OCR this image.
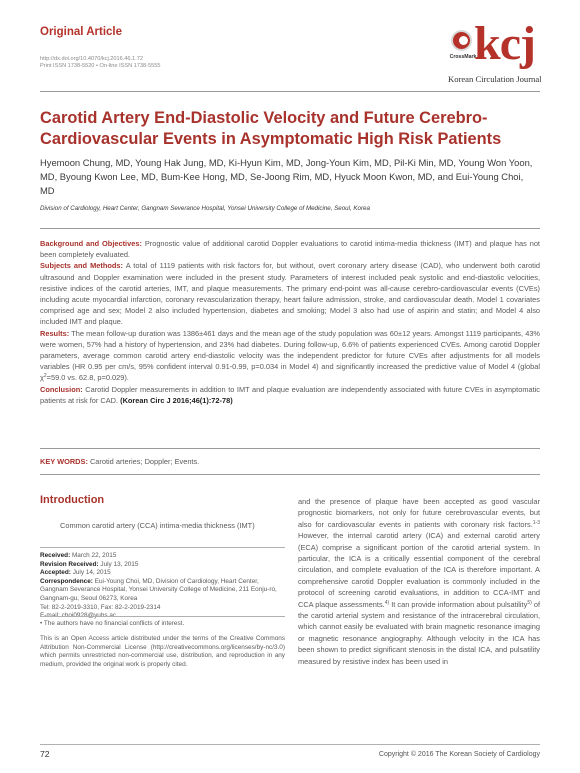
Original Article
http://dx.doi.org/10.4070/kcj.2016.46.1.72
Print ISSN 1738-5520 • On-line ISSN 1738-5555
CrossMark
kcj
Korean Circulation Journal
Carotid Artery End-Diastolic Velocity and Future Cerebro-Cardiovascular Events in Asymptomatic High Risk Patients
Hyemoon Chung, MD, Young Hak Jung, MD, Ki-Hyun Kim, MD, Jong-Youn Kim, MD, Pil-Ki Min, MD, Young Won Yoon, MD, Byoung Kwon Lee, MD, Bum-Kee Hong, MD, Se-Joong Rim, MD, Hyuck Moon Kwon, MD, and Eui-Young Choi, MD
Division of Cardiology, Heart Center, Gangnam Severance Hospital, Yonsei University College of Medicine, Seoul, Korea

Background and Objectives: Prognostic value of additional carotid Doppler evaluations to carotid intima-media thickness (IMT) and plaque has not been completely evaluated.

Subjects and Methods: A total of 1119 patients with risk factors for, but without, overt coronary artery disease (CAD), who underwent both carotid ultrasound and Doppler examination were included in the present study. Parameters of interest included peak systolic and end-diastolic velocities, resistive indices of the carotid arteries, IMT, and plaque measurements. The primary end-point was all-cause cerebro-cardiovascular events (CVEs) including acute myocardial infarction, coronary revascularization therapy, heart failure admission, stroke, and cardiovascular death. Model 1 covariates comprised age and sex; Model 2 also included hypertension, diabetes and smoking; Model 3 also had use of aspirin and statin; and Model 4 also included IMT and plaque.

Results: The mean follow-up duration was 1386±461 days and the mean age of the study population was 60±12 years. Amongst 1119 participants, 43% were women, 57% had a history of hypertension, and 23% had diabetes. During follow-up, 6.6% of patients experienced CVEs. Among carotid Doppler parameters, average common carotid artery end-diastolic velocity was the independent predictor for future CVEs after adjustments for all models variables (HR 0.95 per cm/s, 95% confident interval 0.91-0.99, p=0.034 in Model 4) and significantly increased the predictive value of Model 4 (global $\chi^2=59.0$ vs. 62.8, p=0.029).

Conclusion: Carotid Doppler measurements in addition to IMT and plaque evaluation are independently associated with future CVEs in asymptomatic patients at risk for CAD. (Korean Circ J 2016;46(1):72-78)

KEY WORDS: Carotid arteries; Doppler; Events.
Introduction

Common carotid artery (CCA) intima-media thickness (IMT)

Received: March 22, 2015
Revision Received: July 13, 2015
Accepted: July 14, 2015
Correspondence: Eui-Young Choi, MD, Division of Cardiology, Heart Center, Gangnam Severance Hospital, Yonsei University College of Medicine, 211 Eonju-ro, Gangnam-gu, Seoul 06273, Korea
Tel: 82-2-2019-3310, Fax: 82-2-2019-2314
• The authors have no financial conflicts of interest.
This is an Open Access article distributed under the terms of the Creative Commons Attribution Non-Commercial License (http://creativecommons.org/licenses/by-nc/3.0) which permits unrestricted non-commercial use, distribution, and reproduction in any medium, provided the original work is properly cited.

and the presence of plaque have been accepted as good vascular prognostic biomarkers, not only for future cerebrovascular events, but also for cardiovascular events in patients with coronary risk factors.$^{1-3}$ However, the internal carotid artery (ICA) and external carotid artery (ECA) comprise a significant portion of the carotid arterial system. In particular, the ICA is a critically essential component of the cerebral circulation, and complete evaluation of the ICA is therefore important. A comprehensive carotid Doppler evaluation is commonly included in the protocol of screening carotid evaluations, in addition to CCA-IMT and CCA plaque assessments.$^{4)}$ It can provide information about pulsatility$^{5)}$ of the carotid arterial system and resistance of the intracerebral circulation, which cannot easily be evaluated with brain magnetic resonance imaging or magnetic resonance angiography. Although velocity in the ICA has been shown to predict significant stenosis in the distal ICA, and pulsatility measured by resistive index has been used in

72	Copyright © 2016 The Korean Society of Cardiology
